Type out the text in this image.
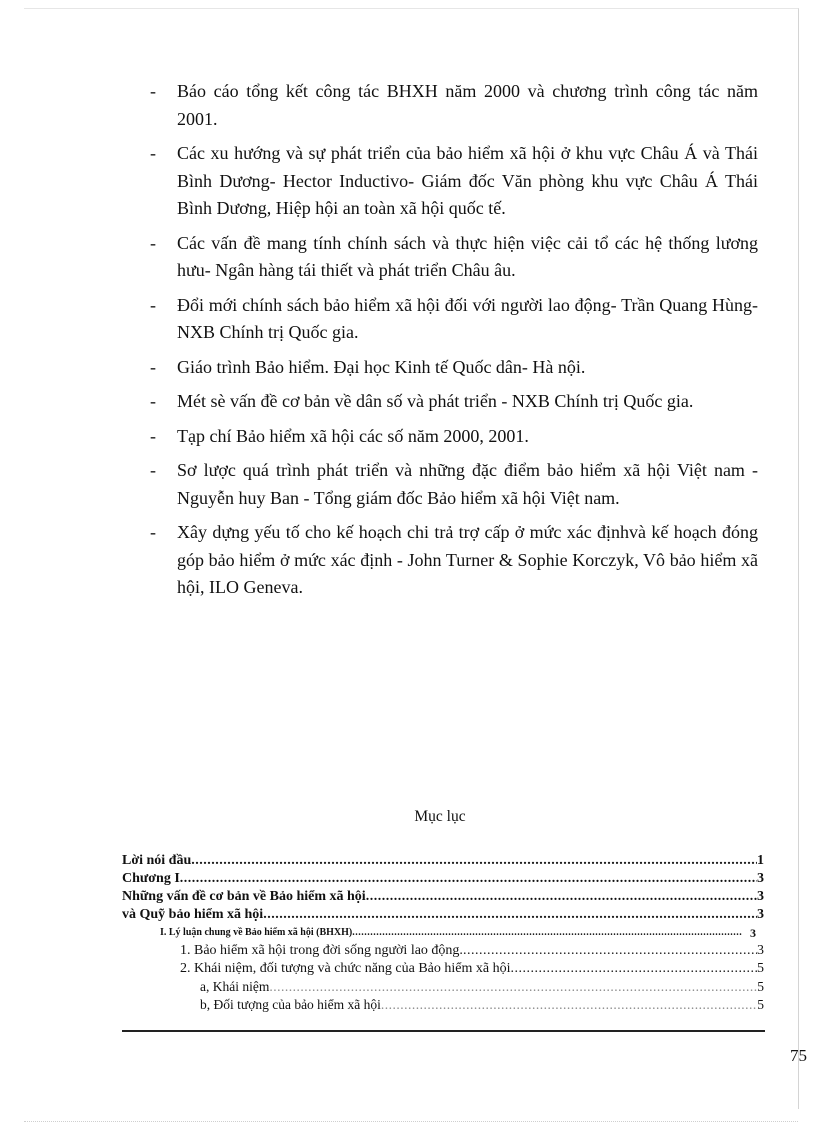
- Báo cáo tổng kết công tác BHXH năm 2000 và chương trình công tác năm 2001.
- Các xu hướng và sự phát triển của bảo hiểm xã hội ở khu vực Châu Á và Thái Bình Dương- Hector Inductivo- Giám đốc Văn phòng khu vực Châu Á Thái Bình Dương, Hiệp hội an toàn xã hội quốc tế.
- Các vấn đề mang tính chính sách và thực hiện việc cải tổ các hệ thống lương hưu- Ngân hàng tái thiết và phát triển Châu âu.
- Đổi mới chính sách bảo hiểm xã hội đối với người lao động- Trần Quang Hùng- NXB Chính trị Quốc gia.
- Giáo trình Bảo hiểm. Đại học Kinh tế Quốc dân- Hà nội.
- Mét sè vấn đề cơ bản về dân số và phát triển - NXB Chính trị Quốc gia.
- Tạp chí Bảo hiểm xã hội các số năm 2000, 2001.
- Sơ lược quá trình phát triển và những đặc điểm bảo hiểm xã hội Việt nam - Nguyễn huy Ban - Tổng giám đốc Bảo hiểm xã hội Việt nam.
- Xây dựng yếu tố cho kế hoạch chi trả trợ cấp ở mức xác địnhvà kế hoạch đóng góp bảo hiểm ở mức xác định - John Turner & Sophie Korczyk, Vô bảo hiểm xã hội, ILO Geneva.
Mục lục
Lời nói đầu .....	1
Chương I .....	3
Những vấn đề cơ bản về Bảo hiểm xã hội .....	3
và Quỹ bảo hiểm xã hội .....	3
I. Lý luận chung về Bảo hiểm xã hội (BHXH) .....	3
1. Bảo hiểm xã hội trong đời sống người lao động. .....	3
2. Khái niệm, đối tượng và chức năng của Bảo hiểm xã hội .....	5
a, Khái niệm .....	5
b, Đối tượng của bảo hiểm xã hội .....	5
75
